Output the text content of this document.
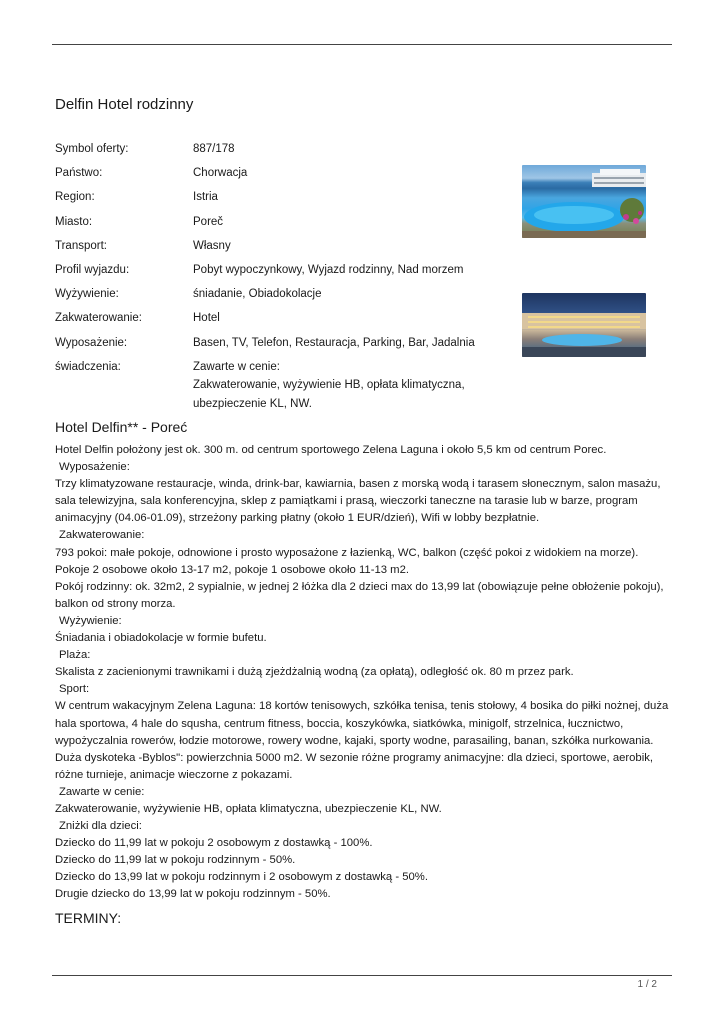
Delfin Hotel rodzinny
Symbol oferty:	887/178
Państwo:	Chorwacja
Region:	Istria
Miasto:	Poreč
Transport:	Własny
Profil wyjazdu:	Pobyt wypoczynkowy, Wyjazd rodzinny, Nad morzem
Wyżywienie:	śniadanie, Obiadokolacje
Zakwaterowanie:	Hotel
Wyposażenie:	Basen, TV, Telefon, Restauracja, Parking, Bar, Jadalnia
świadczenia:	Zawarte w cenie:
Zakwaterowanie, wyżywienie HB, opłata klimatyczna,
ubezpieczenie KL, NW.
Hotel Delfin** - Poreć

Hotel Delfin położony jest ok. 300 m. od centrum sportowego Zelena Laguna i około 5,5 km od centrum Porec.

Wyposażenie:

Trzy klimatyzowane restauracje, winda, drink-bar, kawiarnia, basen z morską wodą i tarasem słonecznym, salon masażu, sala telewizyjna, sala konferencyjna, sklep z pamiątkami i prasą, wieczorki taneczne na tarasie lub w barze, program animacyjny (04.06-01.09), strzeżony parking płatny (około 1 EUR/dzień), Wifi w lobby bezpłatnie.

Zakwaterowanie:

793 pokoi: małe pokoje, odnowione i prosto wyposażone z łazienką, WC, balkon (część pokoi z widokiem na morze). Pokoje 2 osobowe około 13-17 m2, pokoje 1 osobowe około 11-13 m2.

Pokój rodzinny: ok. 32m2, 2 sypialnie, w jednej 2 łóżka dla 2 dzieci max do 13,99 lat (obowiązuje pełne obłożenie pokoju), balkon od strony morza.

Wyżywienie:

Śniadania i obiadokolacje w formie bufetu.

Plaża:

Skalista z zacienionymi trawnikami i dużą zjeżdżalnią wodną (za opłatą), odległość ok. 80 m przez park.

Sport:

W centrum wakacyjnym Zelena Laguna: 18 kortów tenisowych, szkółka tenisa, tenis stołowy, 4 bosika do piłki nożnej, duża hala sportowa, 4 hale do squsha, centrum fitness, boccia, koszykówka, siatkówka, minigolf, strzelnica, łucznictwo, wypożyczalnia rowerów, łodzie motorowe, rowery wodne, kajaki, sporty wodne, parasailing, banan, szkółka nurkowania. Duża dyskoteka -Byblos": powierzchnia 5000 m2. W sezonie różne programy animacyjne: dla dzieci, sportowe, aerobik, różne turnieje, animacje wieczorne z pokazami.

Zawarte w cenie:

Zakwaterowanie, wyżywienie HB, opłata klimatyczna, ubezpieczenie KL, NW.

Zniżki dla dzieci:

Dziecko do 11,99 lat w pokoju 2 osobowym z dostawką - 100%.

Dziecko do 11,99 lat w pokoju rodzinnym - 50%.

Dziecko do 13,99 lat w pokoju rodzinnym i 2 osobowym z dostawką - 50%.

Drugie dziecko do 13,99 lat w pokoju rodzinnym - 50%.

TERMINY:
1 / 2
